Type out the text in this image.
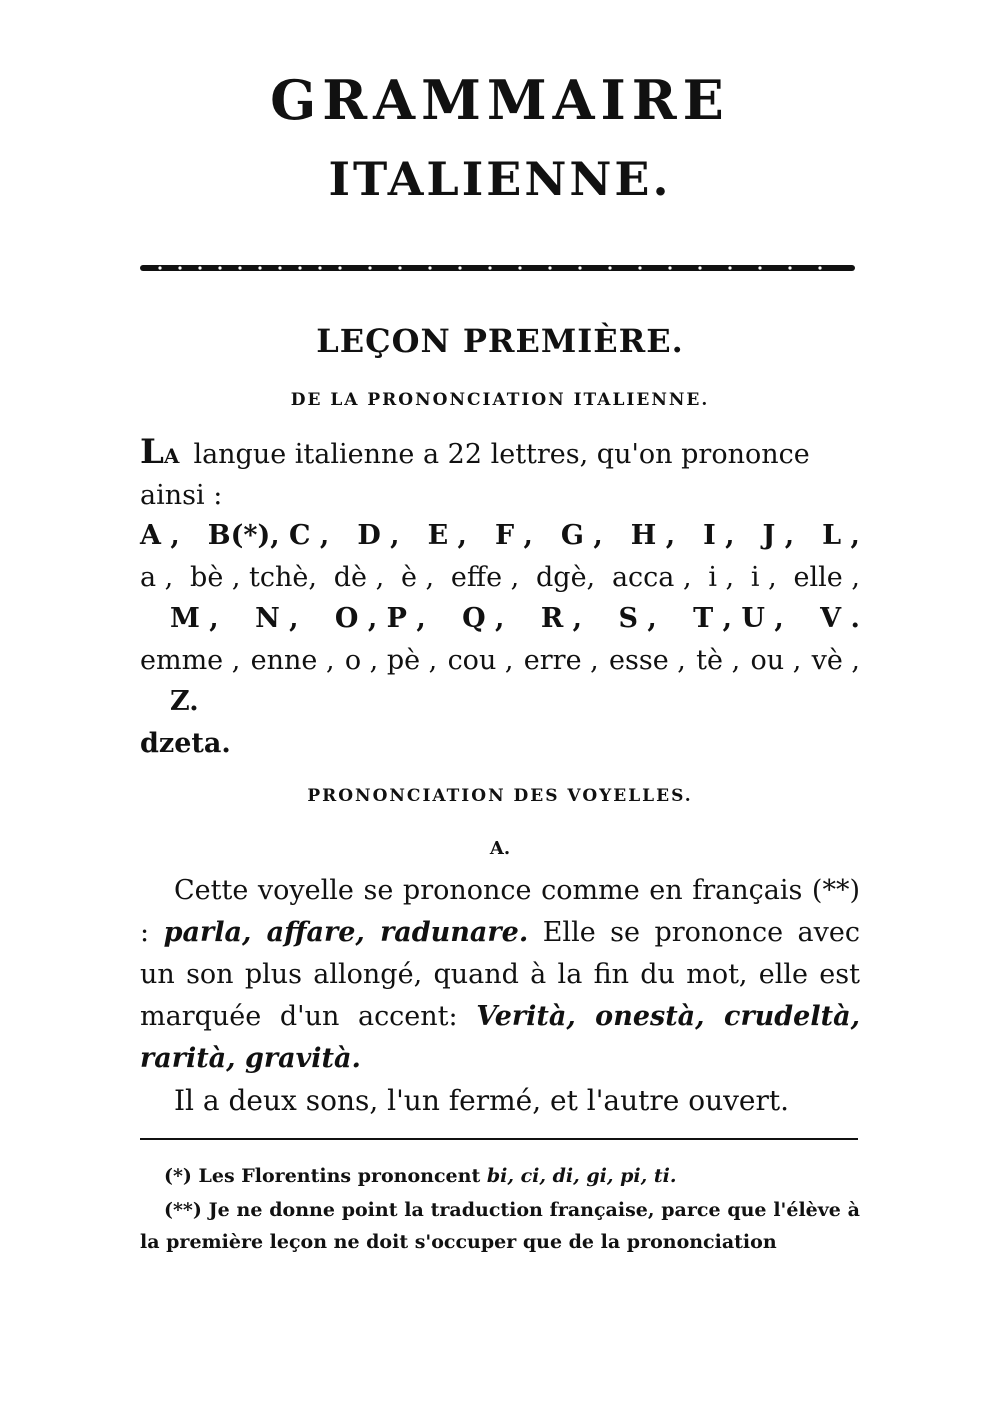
GRAMMAIRE
ITALIENNE.
LEÇON PREMIÈRE.
DE LA PRONONCIATION ITALIENNE.
LA langue italienne a 22 lettres, qu'on prononce ainsi :
A , B(*), C , D , E , F , G , H , I , J , L ,
a , bè , tchè, dè , è , effe , dgè, acca , i , i , elle ,
M , N , O , P , Q , R , S , T , U , V .
emme , enne , o , pè , cou , erre , esse , tè , ou , vè ,
Z.
dzeta.
PRONONCIATION DES VOYELLES.
A.
Cette voyelle se prononce comme en français (**) : parla, affare, radunare. Elle se prononce avec un son plus allongé, quand à la fin du mot, elle est marquée d'un accent: Verità, onestà, crudeltà, rarità, gravità.
Il a deux sons, l'un fermé, et l'autre ouvert.
(*) Les Florentins prononcent bi, ci, di, gi, pi, ti.
(**) Je ne donne point la traduction française, parce que l'élève à la première leçon ne doit s'occuper que de la prononciation
